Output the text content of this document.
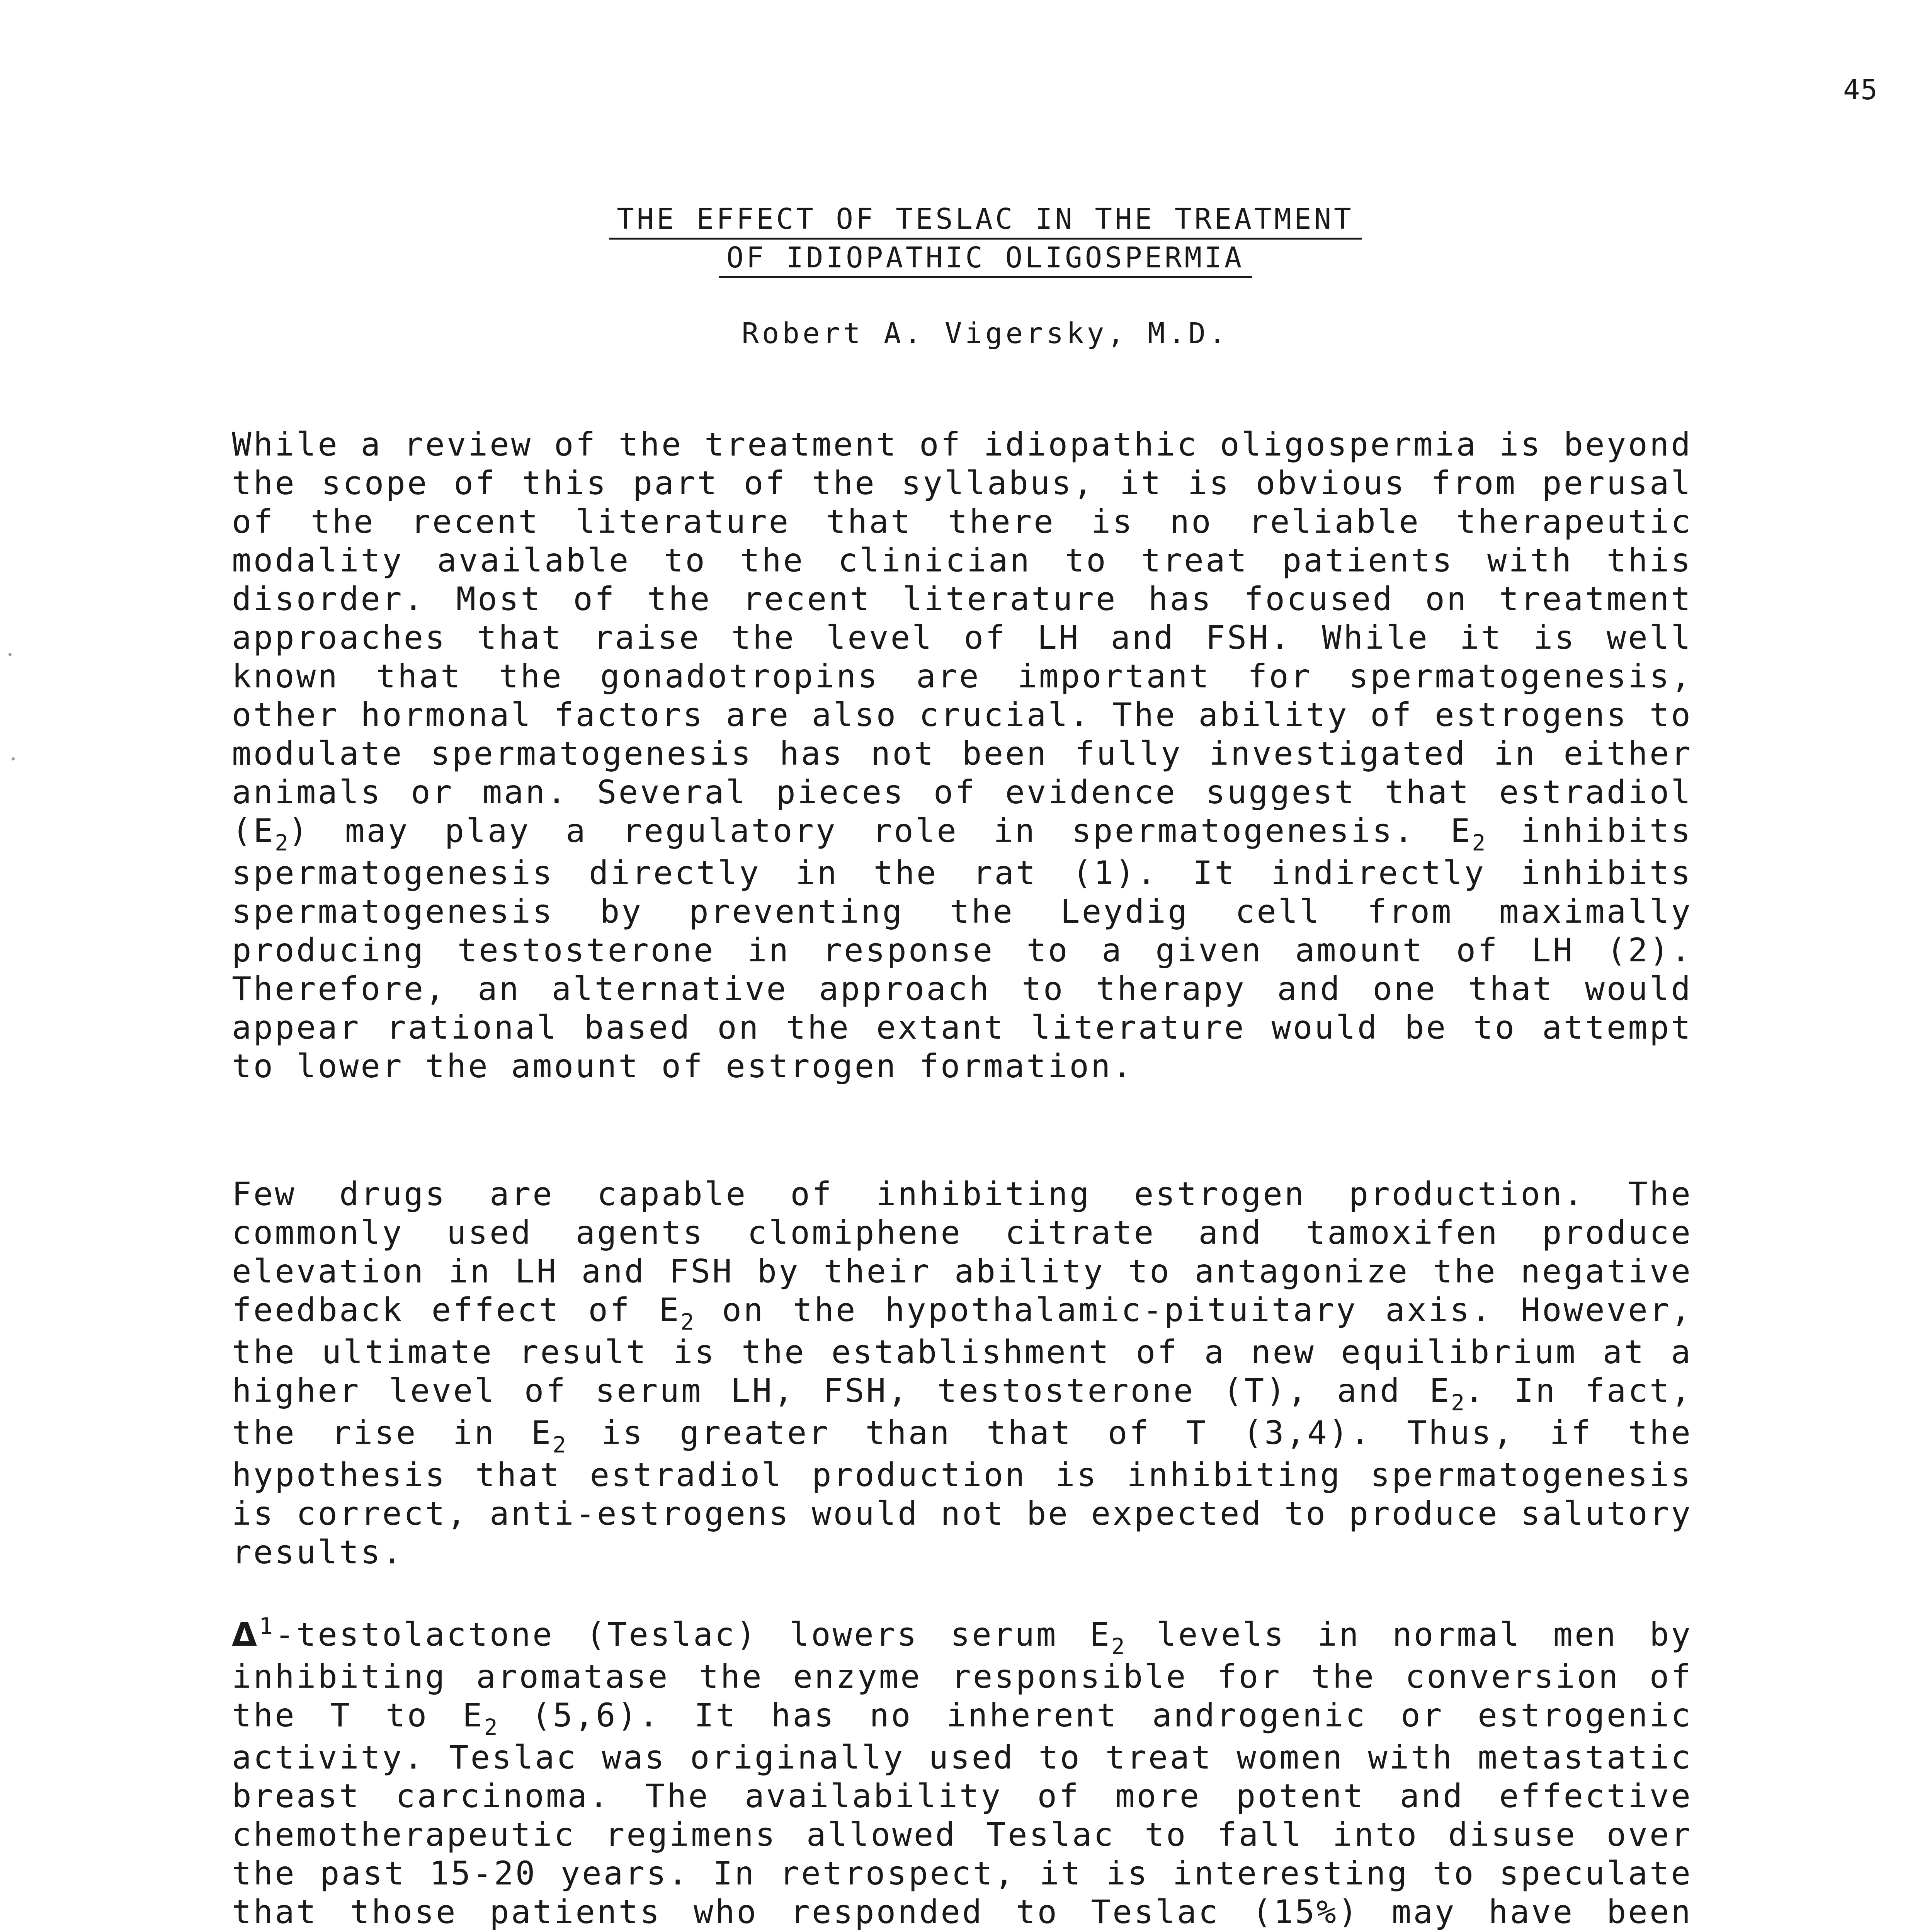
45
THE EFFECT OF TESLAC IN THE TREATMENT
OF IDIOPATHIC OLIGOSPERMIA
Robert A. Vigersky, M.D.

While a review of the treatment of idiopathic oligospermia is beyond the scope of this part of the syllabus, it is obvious from perusal of the recent literature that there is no reliable therapeutic modality available to the clinician to treat patients with this disorder. Most of the recent literature has focused on treatment approaches that raise the level of LH and FSH. While it is well known that the gonadotropins are important for spermatogenesis, other hormonal factors are also crucial. The ability of estrogens to modulate spermatogenesis has not been fully investigated in either animals or man. Several pieces of evidence suggest that estradiol $(E_2)$ may play a regulatory role in spermatogenesis. $E_2$ inhibits spermatogenesis directly in the rat (1). It indirectly inhibits spermatogenesis by preventing the Leydig cell from maximally producing testosterone in response to a given amount of LH (2). Therefore, an alternative approach to therapy and one that would appear rational based on the extant literature would be to attempt to lower the amount of estrogen formation.

Few drugs are capable of inhibiting estrogen production. The commonly used agents clomiphene citrate and tamoxifen produce elevation in LH and FSH by their ability to antagonize the negative feedback effect of $E_2$ on the hypothalamic-pituitary axis. However, the ultimate result is the establishment of a new equilibrium at a higher level of serum LH, FSH, testosterone (T), and $E_2$. In fact, the rise in $E_2$ is greater than that of T (3,4). Thus, if the hypothesis that estradiol production is inhibiting spermatogenesis is correct, anti-estrogens would not be expected to produce salutory results.

$\Delta^1$-testolactone (Teslac) lowers serum $E_2$ levels in normal men by inhibiting aromatase the enzyme responsible for the conversion of the T to $E_2$ (5,6). It has no inherent androgenic or estrogenic activity. Teslac was originally used to treat women with metastatic breast carcinoma. The availability of more potent and effective chemotherapeutic regimens allowed Teslac to fall into disuse over the past 15-20 years. In retrospect, it is interesting to speculate that those patients who responded to Teslac (15%) may have been
